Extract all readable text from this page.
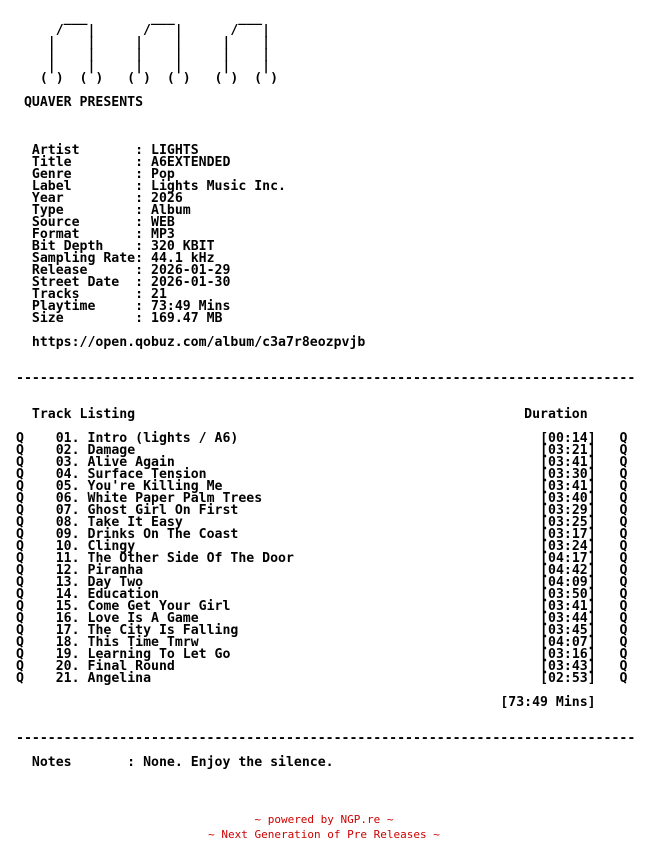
___        ___        ___
/   |      /   |      /   |
|    |     |    |     |    |
|    |     |    |     |    |
|    |     |    |     |    |
( )  ( )   ( )  ( )   ( )  ( )

QUAVER PRESENTS

Artist       : LIGHTS
Title        : A6EXTENDED
Genre        : Pop
Label        : Lights Music Inc.
Year         : 2026
Type         : Album
Source       : WEB
Format       : MP3
Bit Depth    : 320 KBIT
Sampling Rate: 44.1 kHz
Release      : 2026-01-29
Street Date  : 2026-01-30
Tracks       : 21
Playtime     : 73:49 Mins
Size         : 169.47 MB

https://open.qobuz.com/album/c3a7r8eozpvjb

------------------------------------------------------------------------------

Track Listing	Duration

Q 01. Intro (lights / A6)	[00:14] Q
Q 02. Damage	[03:21] Q
Q 03. Alive Again	[03:41] Q
Q 04. Surface Tension	[03:30] Q
Q 05. You're Killing Me	[03:41] Q
Q 06. White Paper Palm Trees	[03:40] Q
Q 07. Ghost Girl On First	[03:29] Q
Q 08. Take It Easy	[03:25] Q
Q 09. Drinks On The Coast	[03:17] Q
Q 10. Clingy	[03:24] Q
Q 11. The Other Side Of The Door	[04:17] Q
Q 12. Piranha	[04:42] Q
Q 13. Day Two	[04:09] Q
Q 14. Education	[03:50] Q
Q 15. Come Get Your Girl	[03:41] Q
Q 16. Love Is A Game	[03:44] Q
Q 17. The City Is Falling	[03:45] Q
Q 18. This Time Tmrw	[04:07] Q
Q 19. Learning To Let Go	[03:16] Q
Q 20. Final Round	[03:43] Q
Q 21. Angelina	[02:53] Q

[73:49 Mins]

------------------------------------------------------------------------------

Notes       : None. Enjoy the silence.

~ powered by NGP.re ~
~ Next Generation of Pre Releases ~
